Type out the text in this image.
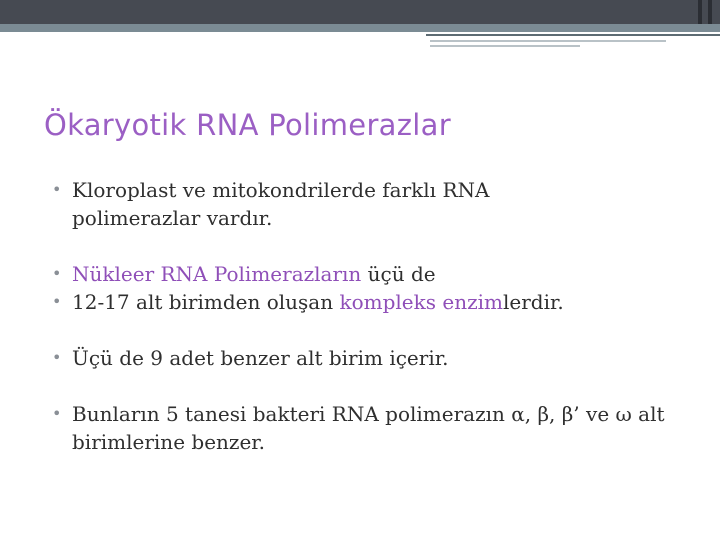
Ökaryotik RNA Polimerazlar
• Kloroplast ve mitokondrilerde farklı RNA polimerazlar vardır.
• Nükleer RNA Polimerazların üçü de
• 12-17 alt birimden oluşan kompleks enzimlerdir.
• Üçü de 9 adet benzer alt birim içerir.
• Bunların 5 tanesi bakteri RNA polimerazın α, β, β’ ve ω alt birimlerine benzer.
